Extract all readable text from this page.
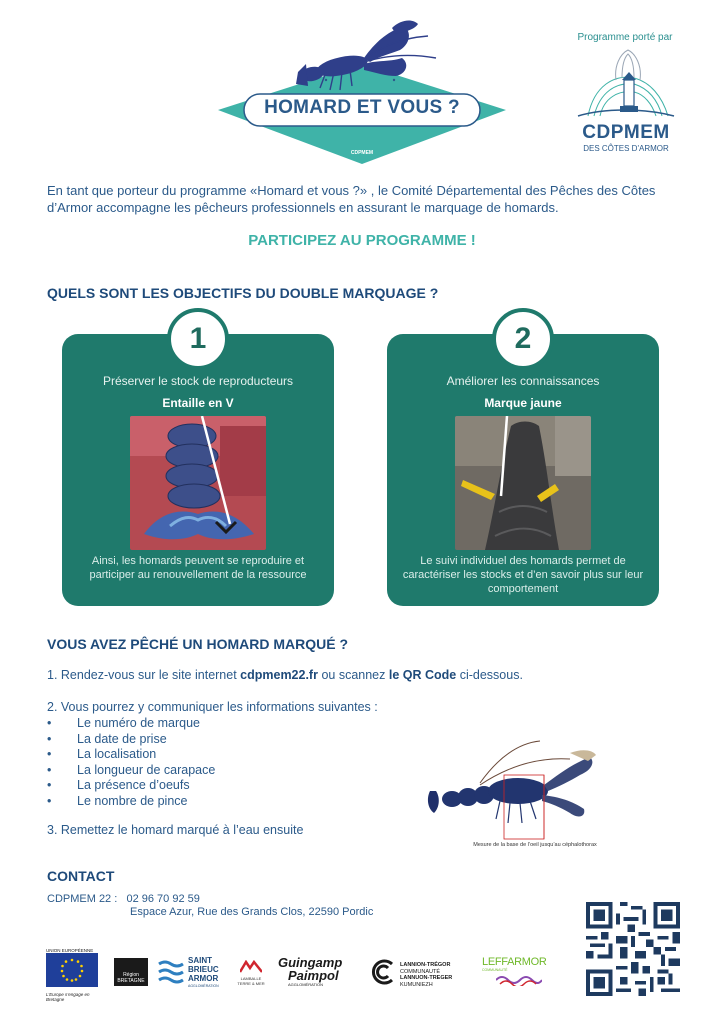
HOMARD ET VOUS ?
CDPMEM
Programme porté par
CDPMEM
DES CÔTES D'ARMOR
En tant que porteur du programme «Homard et vous ?» , le Comité Départemental des Pêches des Côtes d’Armor accompagne les pêcheurs professionnels en assurant le marquage de homards.
PARTICIPEZ AU PROGRAMME !
QUELS SONT LES OBJECTIFS DU DOUBLE MARQUAGE ?
1
Préserver le stock de reproducteurs
Entaille en V
Ainsi, les homards peuvent se reproduire et participer au renouvellement de la ressource
2
Améliorer les connaissances
Marque jaune
Le suivi individuel des homards permet de caractériser les stocks et d’en savoir plus sur leur comportement
VOUS AVEZ PÊCHÉ UN HOMARD MARQUÉ ?
1. Rendez-vous sur le site internet cdpmem22.fr ou scannez le QR Code ci-dessous.
2. Vous pourrez y communiquer les informations suivantes :
• Le numéro de marque
• La date de prise
• La localisation
• La longueur de carapace
• La présence d’oeufs
• Le nombre de pince
3. Remettez le homard marqué à l’eau ensuite
Mesure de la base de l’oeil jusqu’au céphalothorax
CONTACT
CDPMEM 22 : 02 96 70 92 59
Espace Azur, Rue des Grands Clos, 22590 Pordic
UNION EUROPÉENNE
L’Europe s’engage en Bretagne
Région BRETAGNE
SAINT
BRIEUC
ARMOR
AGGLOMÉRATION
LAMBALLE TERRE & MER
Guingamp
Paimpol
AGGLOMÉRATION
LANNION-TRÉGOR
COMMUNAUTÉ
LANNUON-TREGER
KUMUNIEZH
LEFFARMOR
COMMUNAUTÉ
